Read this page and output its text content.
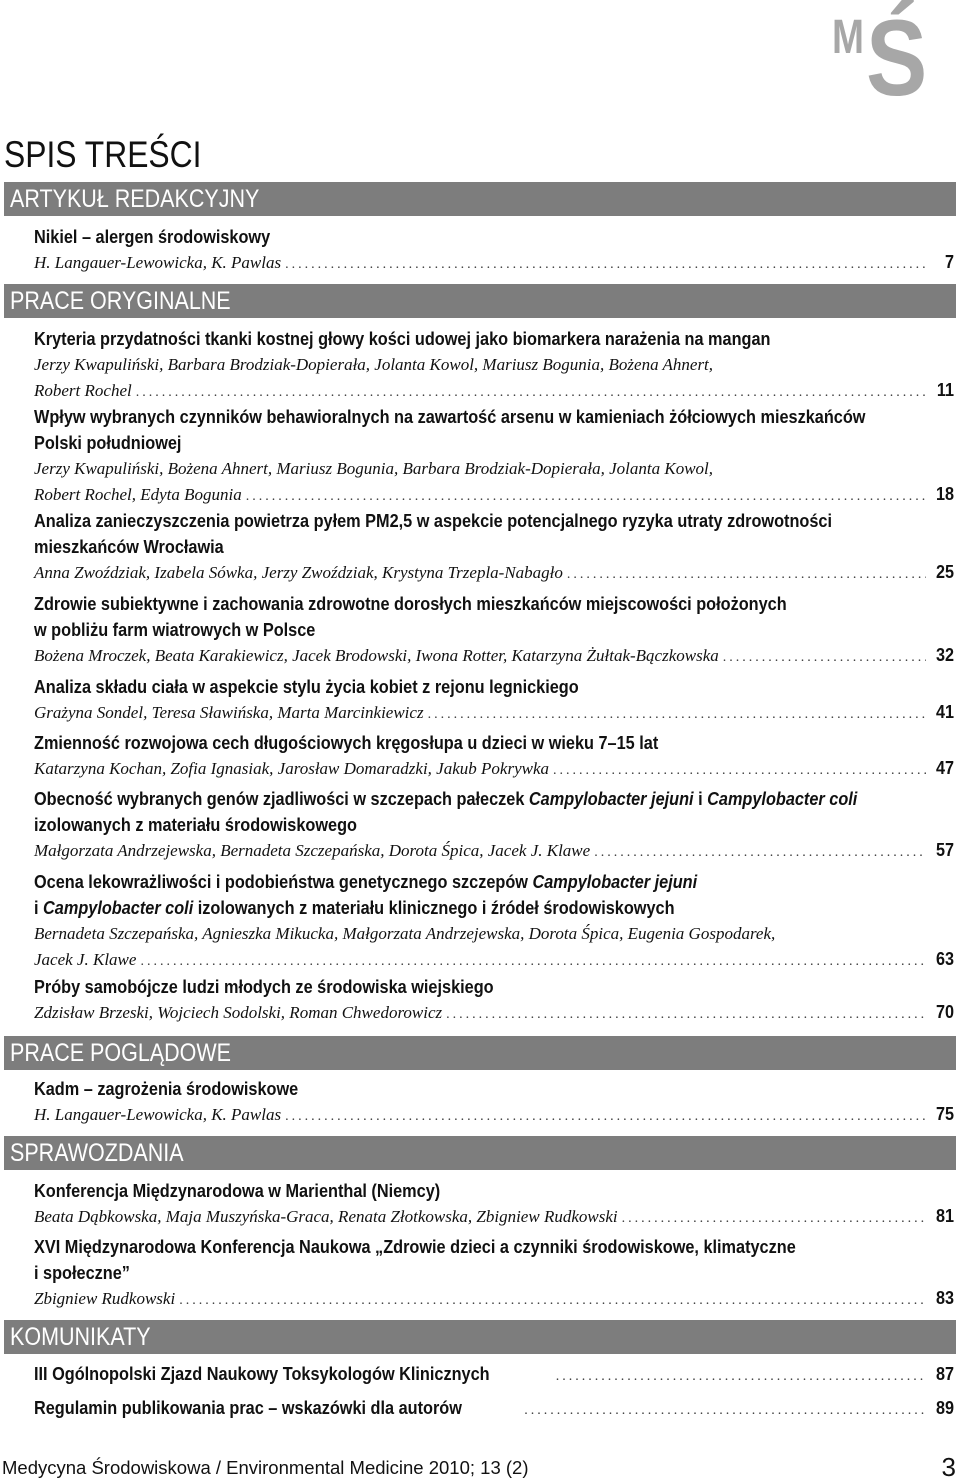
M Ś
SPIS TREŚCI
ARTYKUŁ REDAKCYJNY
Nikiel – alergen środowiskowy
H. Langauer-Lewowicka, K. Pawlas .....	7
PRACE ORYGINALNE
Kryteria przydatności tkanki kostnej głowy kości udowej jako biomarkera narażenia na mangan
Jerzy Kwapuliński, Barbara Brodziak-Dopierała, Jolanta Kowol, Mariusz Bogunia, Bożena Ahnert,
Robert Rochel .....	11
Wpływ wybranych czynników behawioralnych na zawartość arsenu w kamieniach żółciowych mieszkańców
Polski południowej
Jerzy Kwapuliński, Bożena Ahnert, Mariusz Bogunia, Barbara Brodziak-Dopierała, Jolanta Kowol,
Robert Rochel, Edyta Bogunia .....	18
Analiza zanieczyszczenia powietrza pyłem PM2,5 w aspekcie potencjalnego ryzyka utraty zdrowotności
mieszkańców Wrocławia
Anna Zwoździak, Izabela Sówka, Jerzy Zwoździak, Krystyna Trzepla-Nabagło .....	25
Zdrowie subiektywne i zachowania zdrowotne dorosłych mieszkańców miejscowości położonych
w pobliżu farm wiatrowych w Polsce
Bożena Mroczek, Beata Karakiewicz, Jacek Brodowski, Iwona Rotter, Katarzyna Żułtak-Bączkowska .....	32
Analiza składu ciała w aspekcie stylu życia kobiet z rejonu legnickiego
Grażyna Sondel, Teresa Sławińska, Marta Marcinkiewicz .....	41
Zmienność rozwojowa cech długościowych kręgosłupa u dzieci w wieku 7–15 lat
Katarzyna Kochan, Zofia Ignasiak, Jarosław Domaradzki, Jakub Pokrywka .....	47
Obecność wybranych genów zjadliwości w szczepach pałeczek Campylobacter jejuni i Campylobacter coli
izolowanych z materiału środowiskowego
Małgorzata Andrzejewska, Bernadeta Szczepańska, Dorota Śpica, Jacek J. Klawe .....	57
Ocena lekowrażliwości i podobieństwa genetycznego szczepów Campylobacter jejuni
i Campylobacter coli izolowanych z materiału klinicznego i źródeł środowiskowych
Bernadeta Szczepańska, Agnieszka Mikucka, Małgorzata Andrzejewska, Dorota Śpica, Eugenia Gospodarek,
Jacek J. Klawe .....	63
Próby samobójcze ludzi młodych ze środowiska wiejskiego
Zdzisław Brzeski, Wojciech Sodolski, Roman Chwedorowicz .....	70
PRACE POGLĄDOWE
Kadm – zagrożenia środowiskowe
H. Langauer-Lewowicka, K. Pawlas .....	75
SPRAWOZDANIA
Konferencja Międzynarodowa w Marienthal (Niemcy)
Beata Dąbkowska, Maja Muszyńska-Graca, Renata Złotkowska, Zbigniew Rudkowski .....	81
XVI Międzynarodowa Konferencja Naukowa „Zdrowie dzieci a czynniki środowiskowe, klimatyczne
i społeczne”
Zbigniew Rudkowski .....	83
KOMUNIKATY
III Ogólnopolski Zjazd Naukowy Toksykologów Klinicznych .....	87
Regulamin publikowania prac – wskazówki dla autorów .....	89
Medycyna Środowiskowa / Environmental Medicine 2010; 13 (2)	3
